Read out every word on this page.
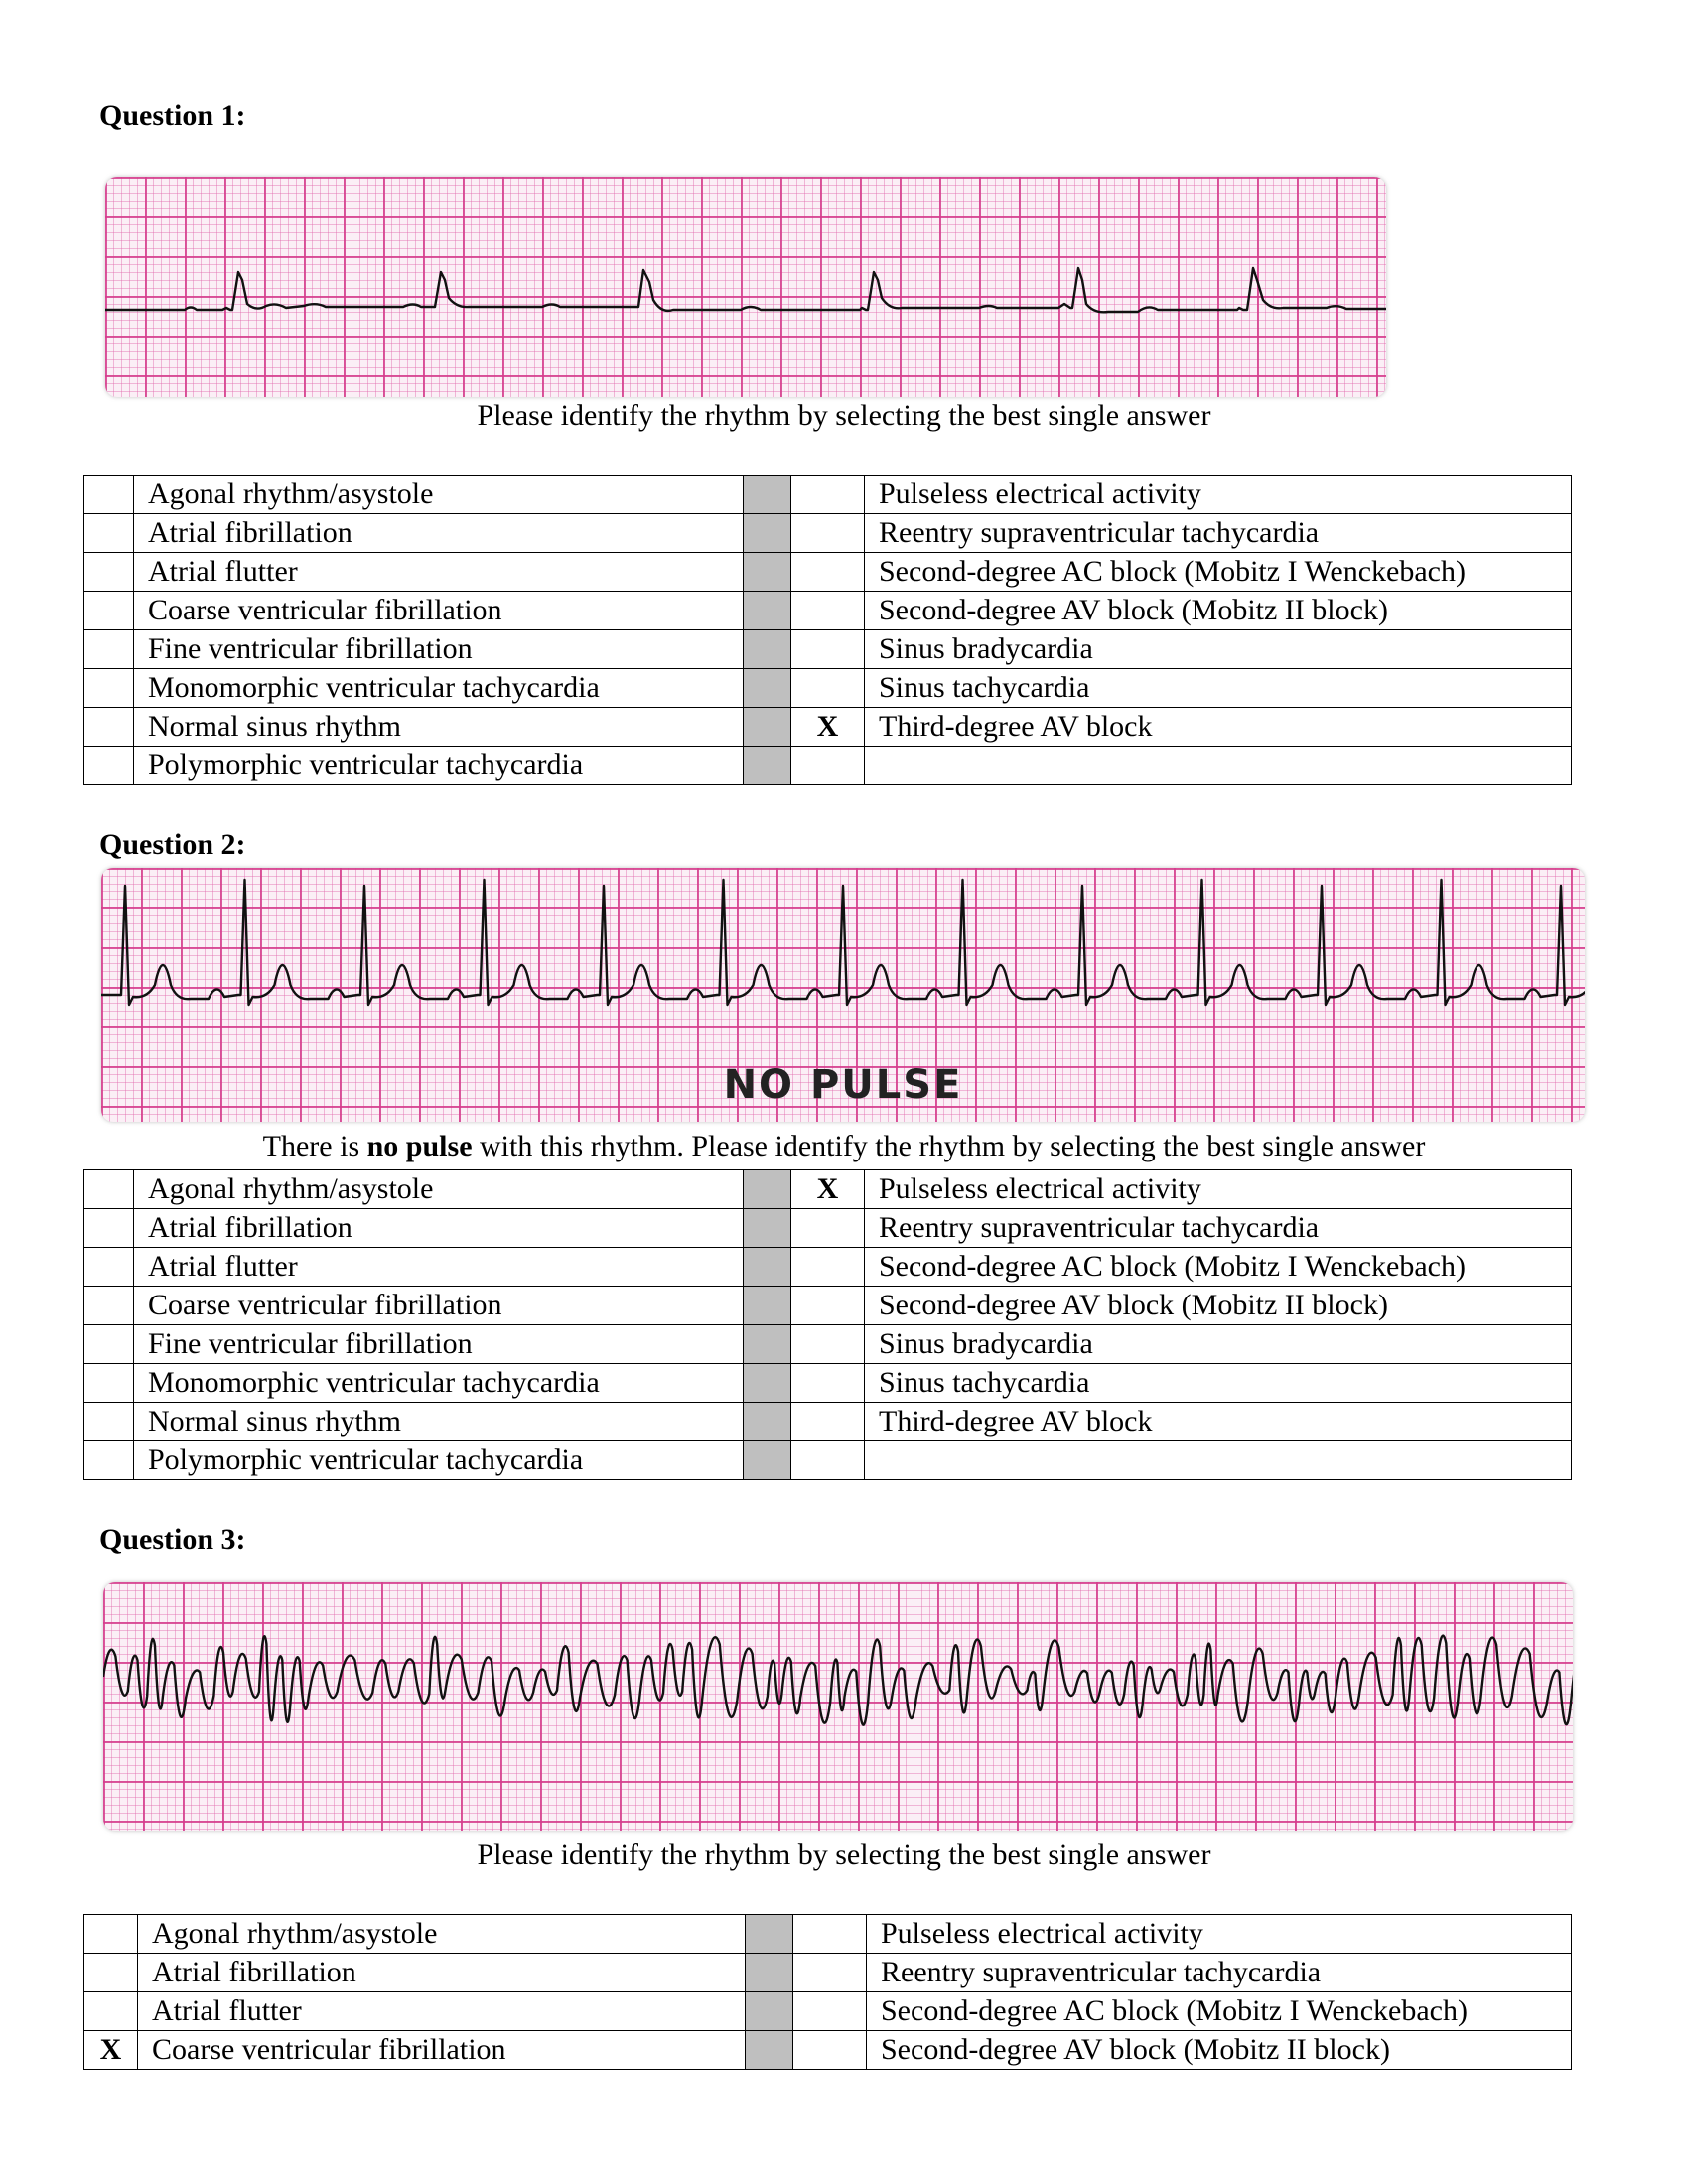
Question 1:

Please identify the rhythm by selecting the best single answer

	Agonal rhythm/asystole			Pulseless electrical activity
	Atrial fibrillation			Reentry supraventricular tachycardia
	Atrial flutter			Second-degree AC block (Mobitz I Wenckebach)
	Coarse ventricular fibrillation			Second-degree AV block (Mobitz II block)
	Fine ventricular fibrillation			Sinus bradycardia
	Monomorphic ventricular tachycardia			Sinus tachycardia
	Normal sinus rhythm		X	Third-degree AV block
	Polymorphic ventricular tachycardia			
Question 2:
NO PULSE

There is no pulse with this rhythm. Please identify the rhythm by selecting the best single answer

	Agonal rhythm/asystole		X	Pulseless electrical activity
	Atrial fibrillation			Reentry supraventricular tachycardia
	Atrial flutter			Second-degree AC block (Mobitz I Wenckebach)
	Coarse ventricular fibrillation			Second-degree AV block (Mobitz II block)
	Fine ventricular fibrillation			Sinus bradycardia
	Monomorphic ventricular tachycardia			Sinus tachycardia
	Normal sinus rhythm			Third-degree AV block
	Polymorphic ventricular tachycardia			
Question 3:

Please identify the rhythm by selecting the best single answer

	Agonal rhythm/asystole			Pulseless electrical activity
	Atrial fibrillation			Reentry supraventricular tachycardia
	Atrial flutter			Second-degree AC block (Mobitz I Wenckebach)
X	Coarse ventricular fibrillation			Second-degree AV block (Mobitz II block)
